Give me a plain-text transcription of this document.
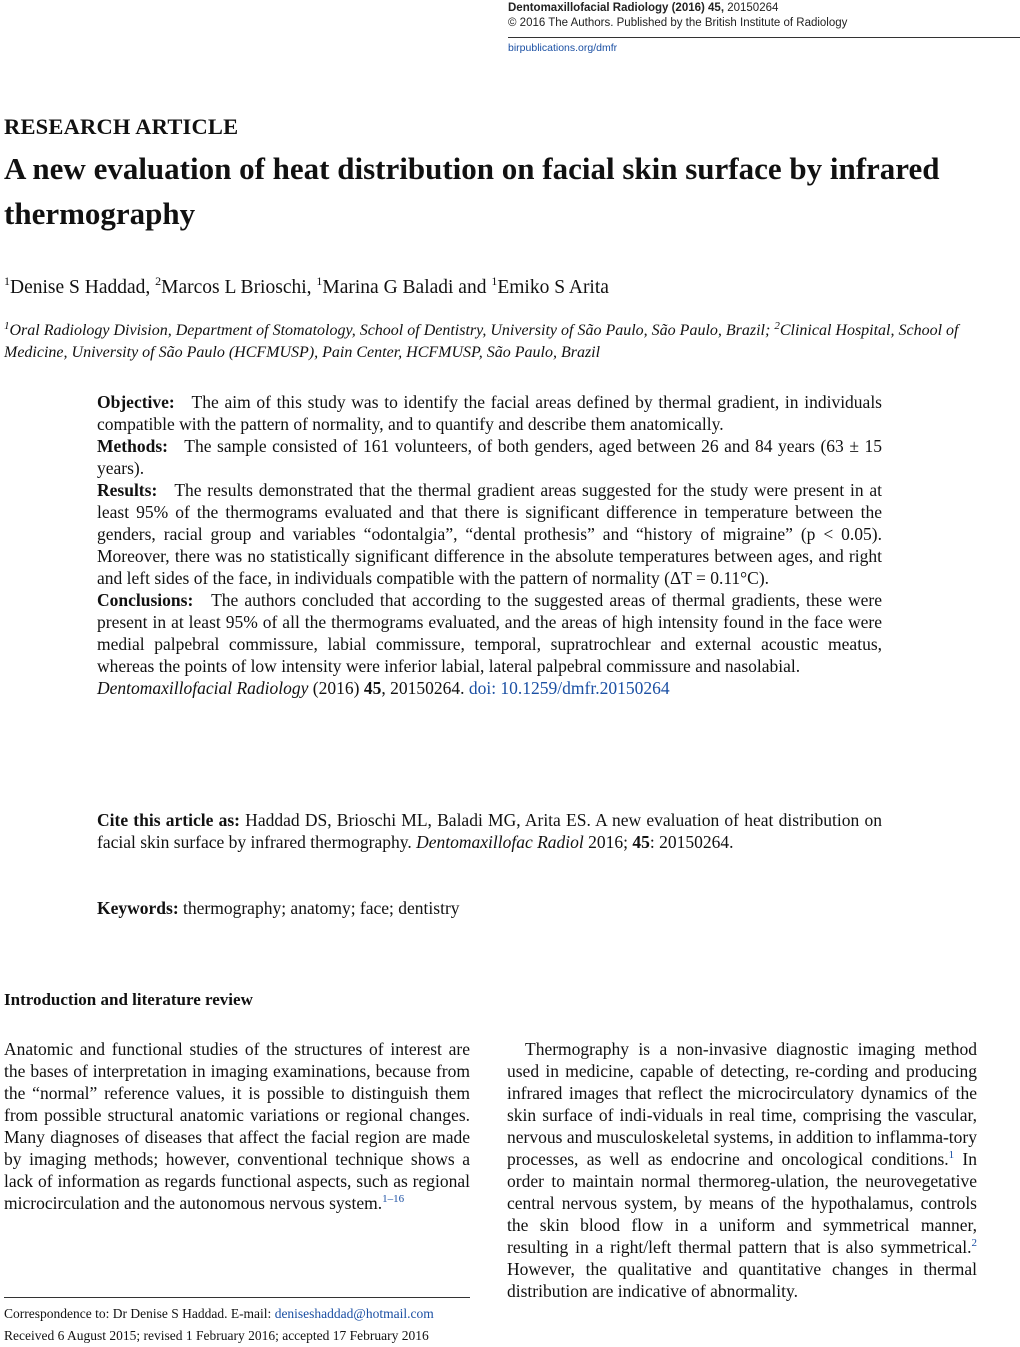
Dentomaxillofacial Radiology (2016) 45, 20150264
© 2016 The Authors. Published by the British Institute of Radiology
birpublications.org/dmfr
RESEARCH ARTICLE
A new evaluation of heat distribution on facial skin surface by infrared thermography
$^1$Denise S Haddad, $^2$Marcos L Brioschi, $^1$Marina G Baladi and $^1$Emiko S Arita
$^1$Oral Radiology Division, Department of Stomatology, School of Dentistry, University of São Paulo, São Paulo, Brazil; $^2$Clinical Hospital, School of Medicine, University of São Paulo (HCFMUSP), Pain Center, HCFMUSP, São Paulo, Brazil

Objective: The aim of this study was to identify the facial areas defined by thermal gradient, in individuals compatible with the pattern of normality, and to quantify and describe them anatomically.

Methods: The sample consisted of 161 volunteers, of both genders, aged between 26 and 84 years (63 ± 15 years).

Results: The results demonstrated that the thermal gradient areas suggested for the study were present in at least 95% of the thermograms evaluated and that there is significant difference in temperature between the genders, racial group and variables “odontalgia”, “dental prothesis” and “history of migraine” (p < 0.05). Moreover, there was no statistically significant difference in the absolute temperatures between ages, and right and left sides of the face, in individuals compatible with the pattern of normality (ΔT = 0.11°C).

Conclusions: The authors concluded that according to the suggested areas of thermal gradients, these were present in at least 95% of all the thermograms evaluated, and the areas of high intensity found in the face were medial palpebral commissure, labial commissure, temporal, supratrochlear and external acoustic meatus, whereas the points of low intensity were inferior labial, lateral palpebral commissure and nasolabial.

Dentomaxillofacial Radiology (2016) 45, 20150264. doi: 10.1259/dmfr.20150264

Cite this article as: Haddad DS, Brioschi ML, Baladi MG, Arita ES. A new evaluation of heat distribution on facial skin surface by infrared thermography. Dentomaxillofac Radiol 2016; 45: 20150264.
Keywords: thermography; anatomy; face; dentistry
Introduction and literature review
Anatomic and functional studies of the structures of interest are the bases of interpretation in imaging examinations, because from the “normal” reference values, it is possible to distinguish them from possible structural anatomic variations or regional changes. Many diagnoses of diseases that affect the facial region are made by imaging methods; however, conventional technique shows a lack of information as regards functional aspects, such as regional microcirculation and the autonomous nervous system.$^{1-16}$
Thermography is a non-invasive diagnostic imaging method used in medicine, capable of detecting, re-cording and producing infrared images that reflect the microcirculatory dynamics of the skin surface of indi-viduals in real time, comprising the vascular, nervous and musculoskeletal systems, in addition to inflamma-tory processes, as well as endocrine and oncological conditions.$^1$ In order to maintain normal thermoreg-ulation, the neurovegetative central nervous system, by means of the hypothalamus, controls the skin blood flow in a uniform and symmetrical manner, resulting in a right/left thermal pattern that is also symmetrical.$^2$ However, the qualitative and quantitative changes in thermal distribution are indicative of abnormality.
Correspondence to: Dr Denise S Haddad. E-mail: deniseshaddad@hotmail.com
Received 6 August 2015; revised 1 February 2016; accepted 17 February 2016
